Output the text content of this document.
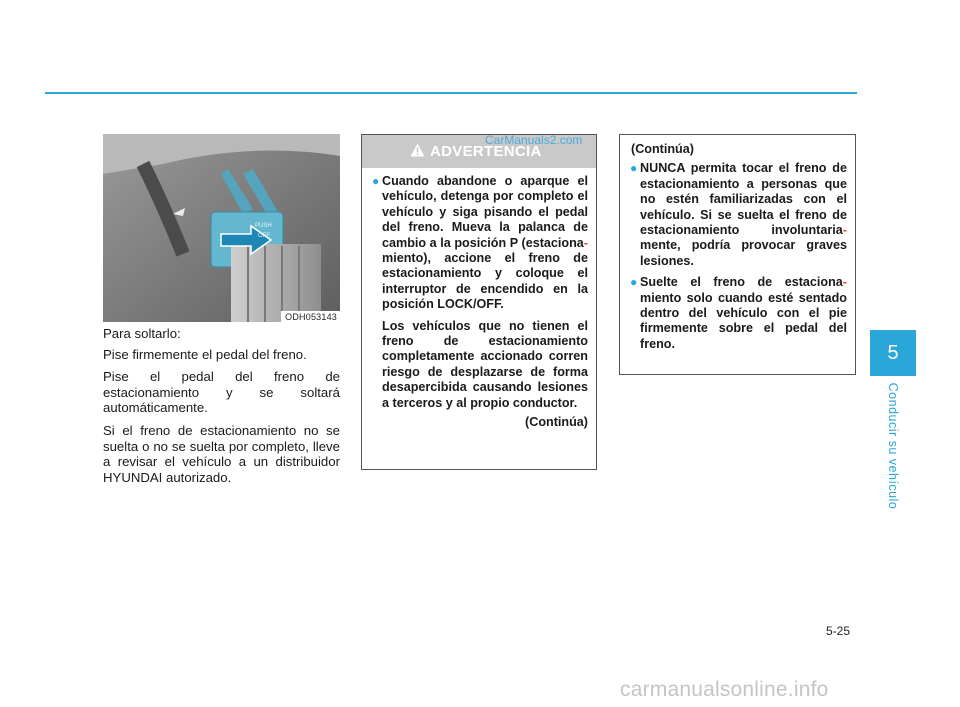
PUSH
OFF
ODH053143

Para soltarlo:

Pise firmemente el pedal del freno.

Pise el pedal del freno de estacionamiento y se soltará automáticamente.

Si el freno de estacionamiento no se suelta o no se suelta por completo, lleve a revisar el vehículo a un distribuidor HYUNDAI autorizado.

ADVERTENCIA
● Cuando abandone o aparque el vehículo, detenga por completo el vehículo y siga pisando el pedal del freno. Mueva la palanca de cambio a la posición P (estaciona- miento), accione el freno de estacionamiento y coloque el interruptor de encendido en la posición LOCK/OFF.
Los vehículos que no tienen el freno de estacionamiento completamente accionado corren riesgo de desplazarse de forma desapercibida causando lesiones a terceros y al propio conductor.
(Continúa)
CarManuals2.com
(Continúa)
● NUNCA permita tocar el freno de estacionamiento a personas que no estén familiarizadas con el vehículo. Si se suelta el freno de estacionamiento involuntaria- mente, podría provocar graves lesiones.
● Suelte el freno de estaciona- miento solo cuando esté sentado dentro del vehículo con el pie firmemente sobre el pedal del freno.	5
Conducir su vehículo
5-25
carmanualsonline.info
